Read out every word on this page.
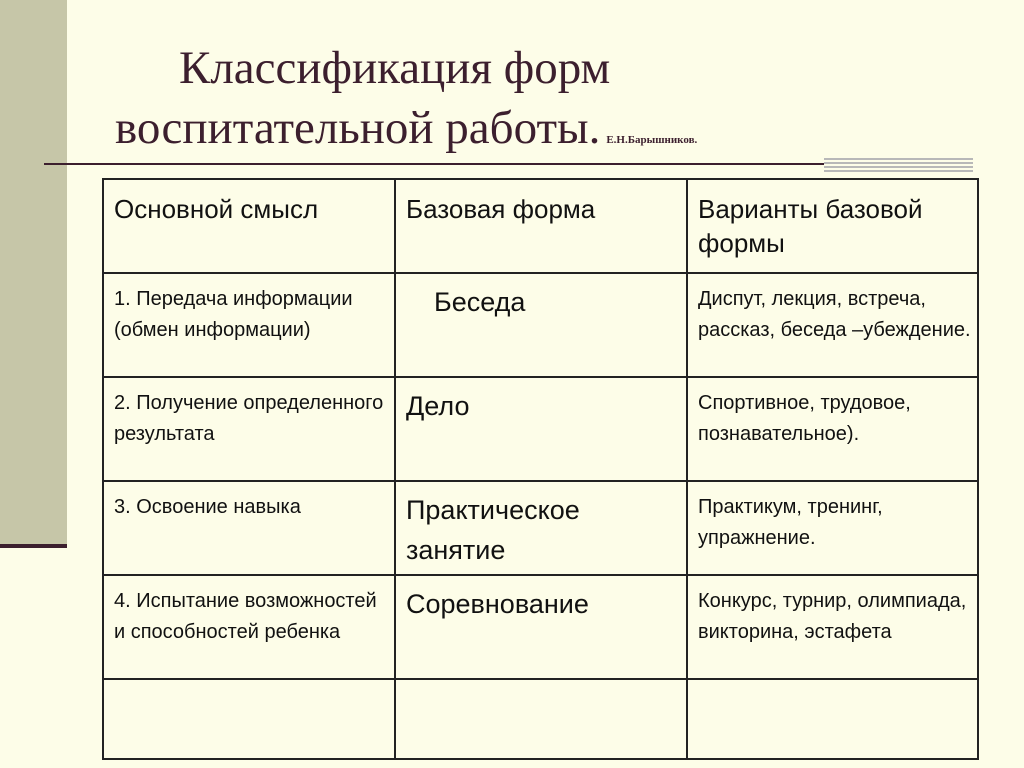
Классификация форм
воспитательной работы. Е.Н.Барышников.
Основной смысл	Базовая форма	Варианты базовой формы

1. Передача информации (обмен информации)	Беседа	Диспут, лекция, встреча, рассказ, беседа –убеждение.

2. Получение определенного результата	Дело	Спортивное, трудовое, познавательное).

3. Освоение навыка	Практическое занятие	Практикум, тренинг, упражнение.

4. Испытание возможностей и способностей ребенка	Соревнование	Конкурс, турнир, олимпиада, викторина, эстафета
